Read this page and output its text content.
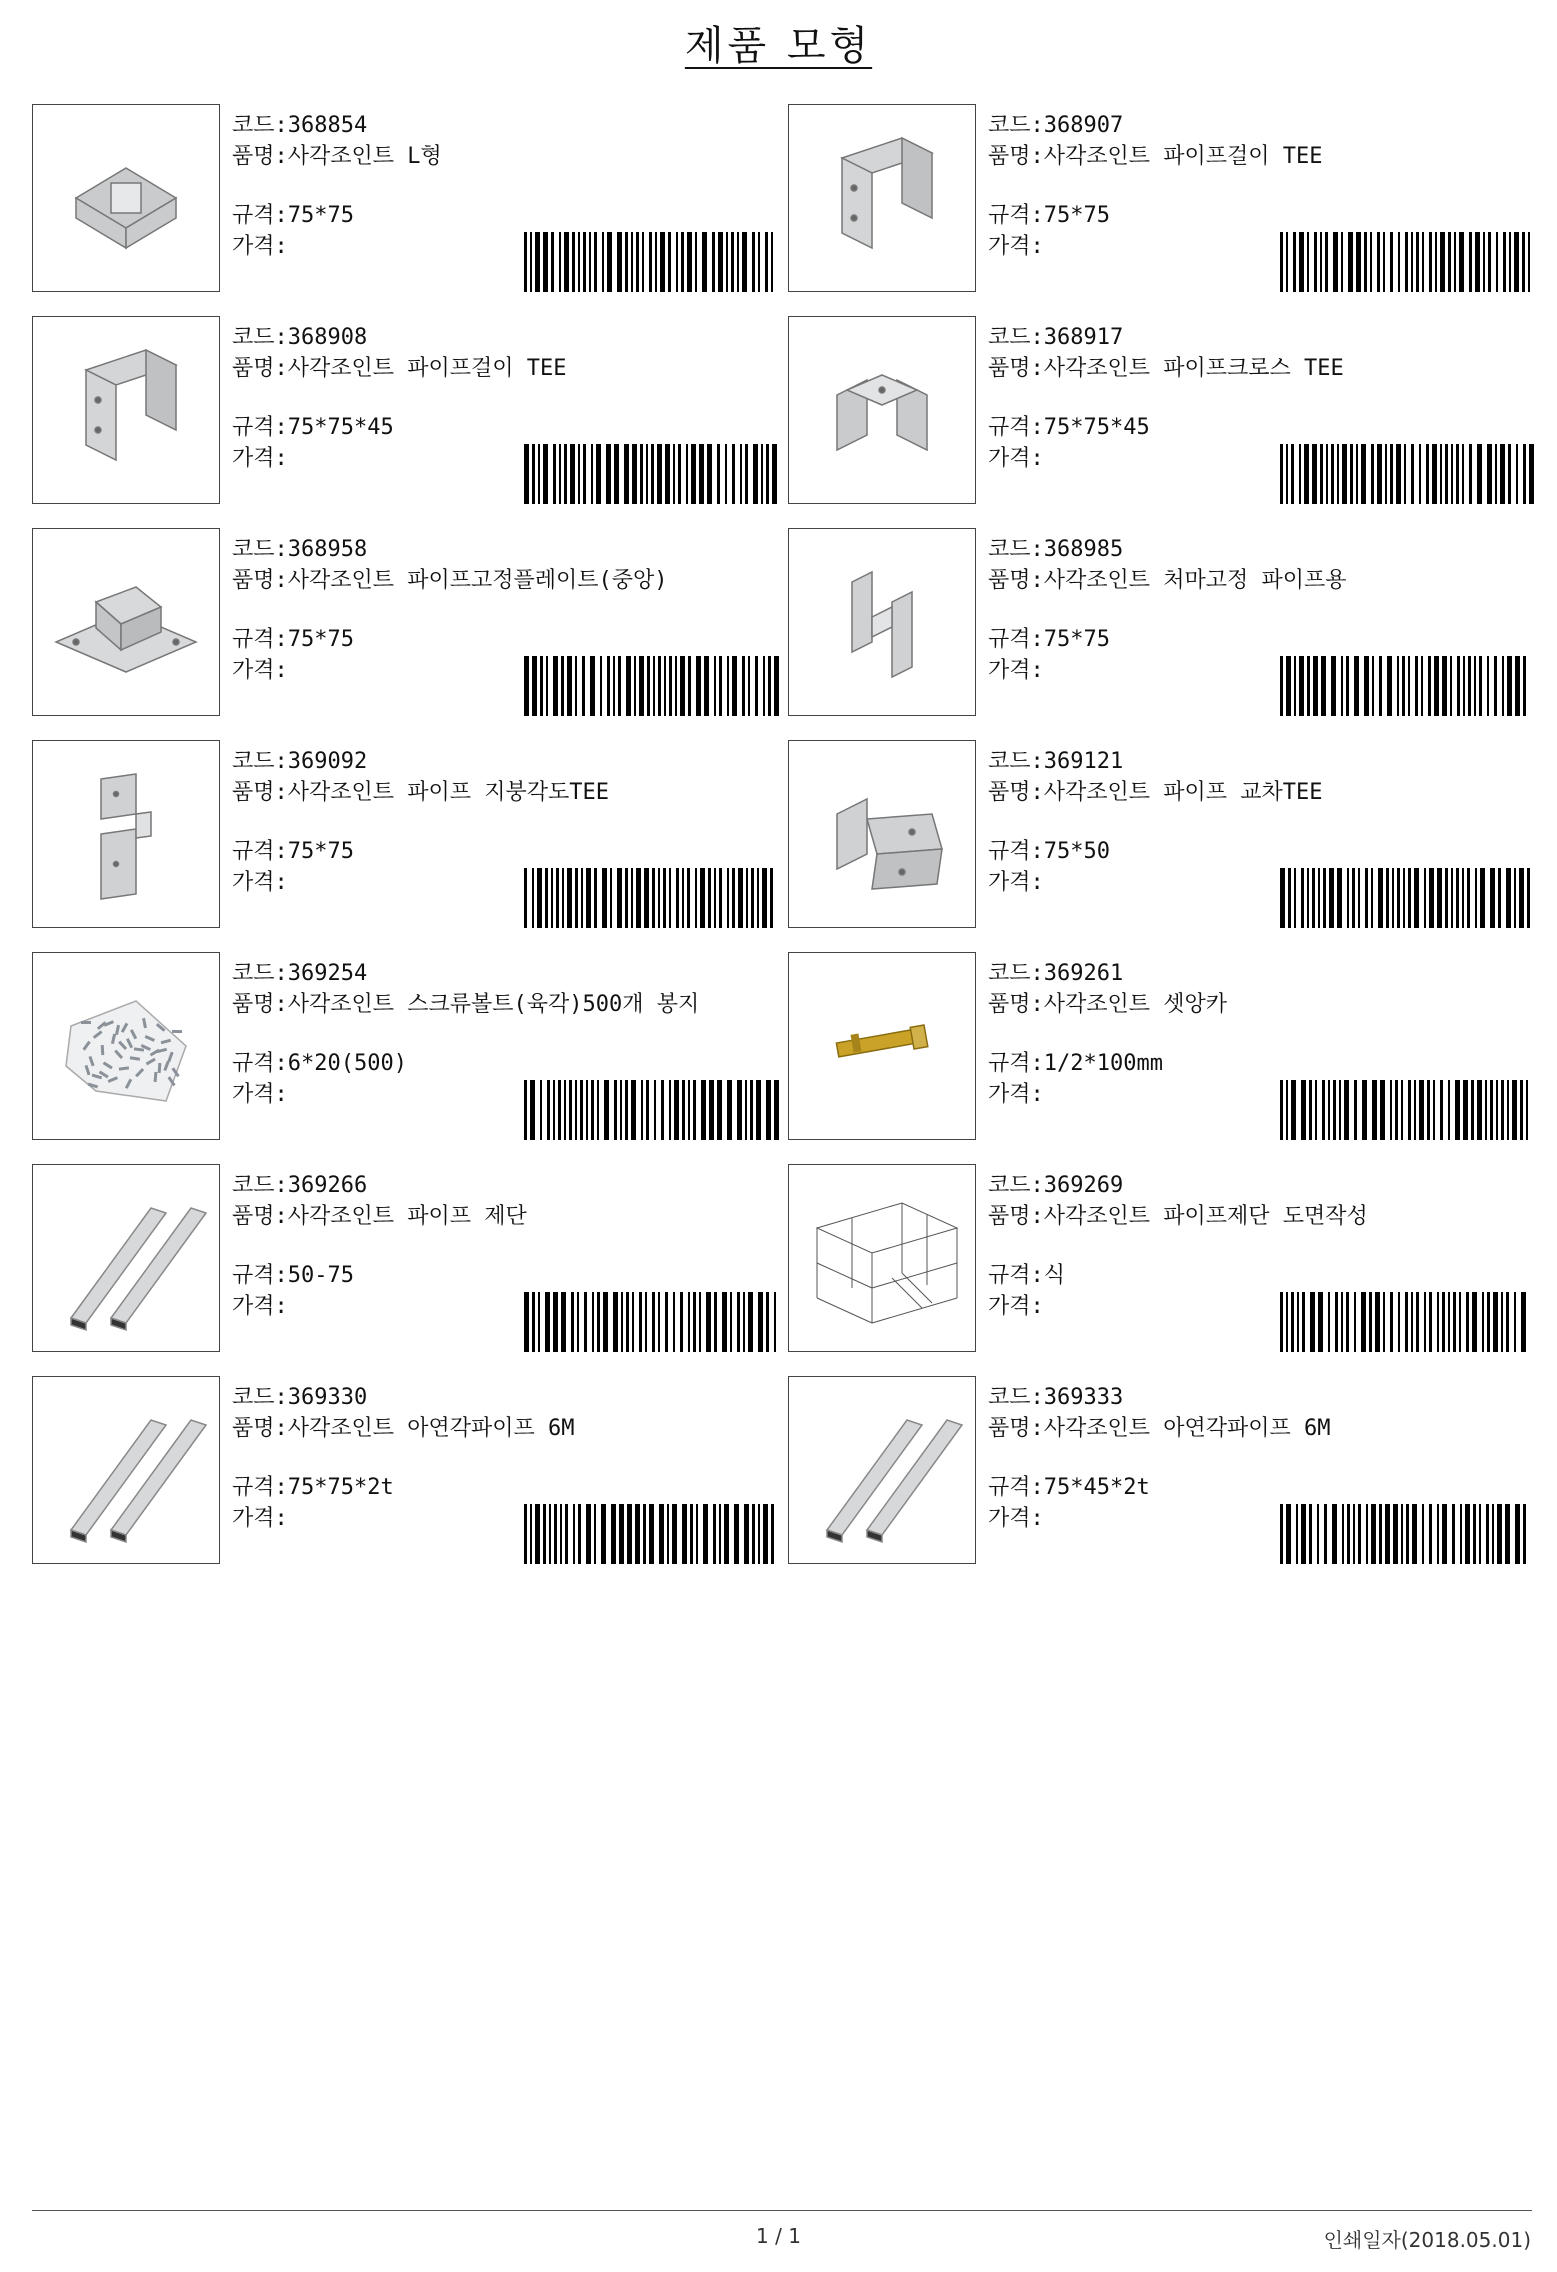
제품 모형
코드: 368854
품명: 사각조인트 L형
규격: 75*75
가격:
코드: 368907
품명: 사각조인트 파이프걸이 TEE
규격: 75*75
가격:
코드: 368908
품명: 사각조인트 파이프걸이 TEE
규격: 75*75*45
가격:
코드: 368917
품명: 사각조인트 파이프크로스 TEE
규격: 75*75*45
가격:
코드: 368958
품명: 사각조인트 파이프고정플레이트(중앙)
규격: 75*75
가격:
코드: 368985
품명: 사각조인트 처마고정 파이프용
규격: 75*75
가격:
코드: 369092
품명: 사각조인트 파이프 지붕각도TEE
규격: 75*75
가격:
코드: 369121
품명: 사각조인트 파이프 교차TEE
규격: 75*50
가격:
코드: 369254
품명: 사각조인트 스크류볼트(육각)500개 봉지
규격: 6*20(500)
가격:
코드: 369261
품명: 사각조인트 셋앙카
규격: 1/2*100mm
가격:
코드: 369266
품명: 사각조인트 파이프 제단
규격: 50-75
가격:
코드: 369269
품명: 사각조인트 파이프제단 도면작성
규격: 식
가격:
코드: 369330
품명: 사각조인트 아연각파이프 6M
규격: 75*75*2t
가격:
코드: 369333
품명: 사각조인트 아연각파이프 6M
규격: 75*45*2t
가격:
1 / 1	인쇄일자(2018.05.01)
